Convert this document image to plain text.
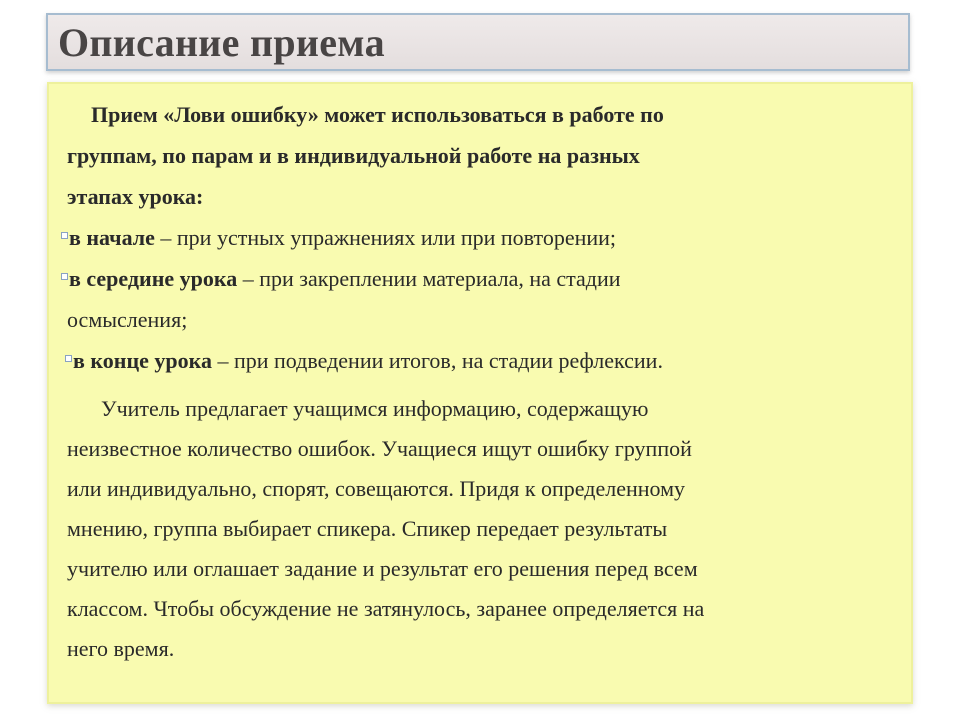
Описание приема
Прием «Лови ошибку» может использоваться в работе по
группам, по парам и в индивидуальной работе на разных
этапах урока:
в начале – при устных упражнениях или при повторении;
в середине урока – при закреплении материала, на стадии
осмысления;
в конце урока – при подведении итогов, на стадии рефлексии.
Учитель предлагает учащимся информацию, содержащую
неизвестное количество ошибок. Учащиеся ищут ошибку группой
или индивидуально, спорят, совещаются. Придя к определенному
мнению, группа выбирает спикера. Спикер передает результаты
учителю или оглашает задание и результат его решения перед всем
классом. Чтобы обсуждение не затянулось, заранее определяется на
него время.
